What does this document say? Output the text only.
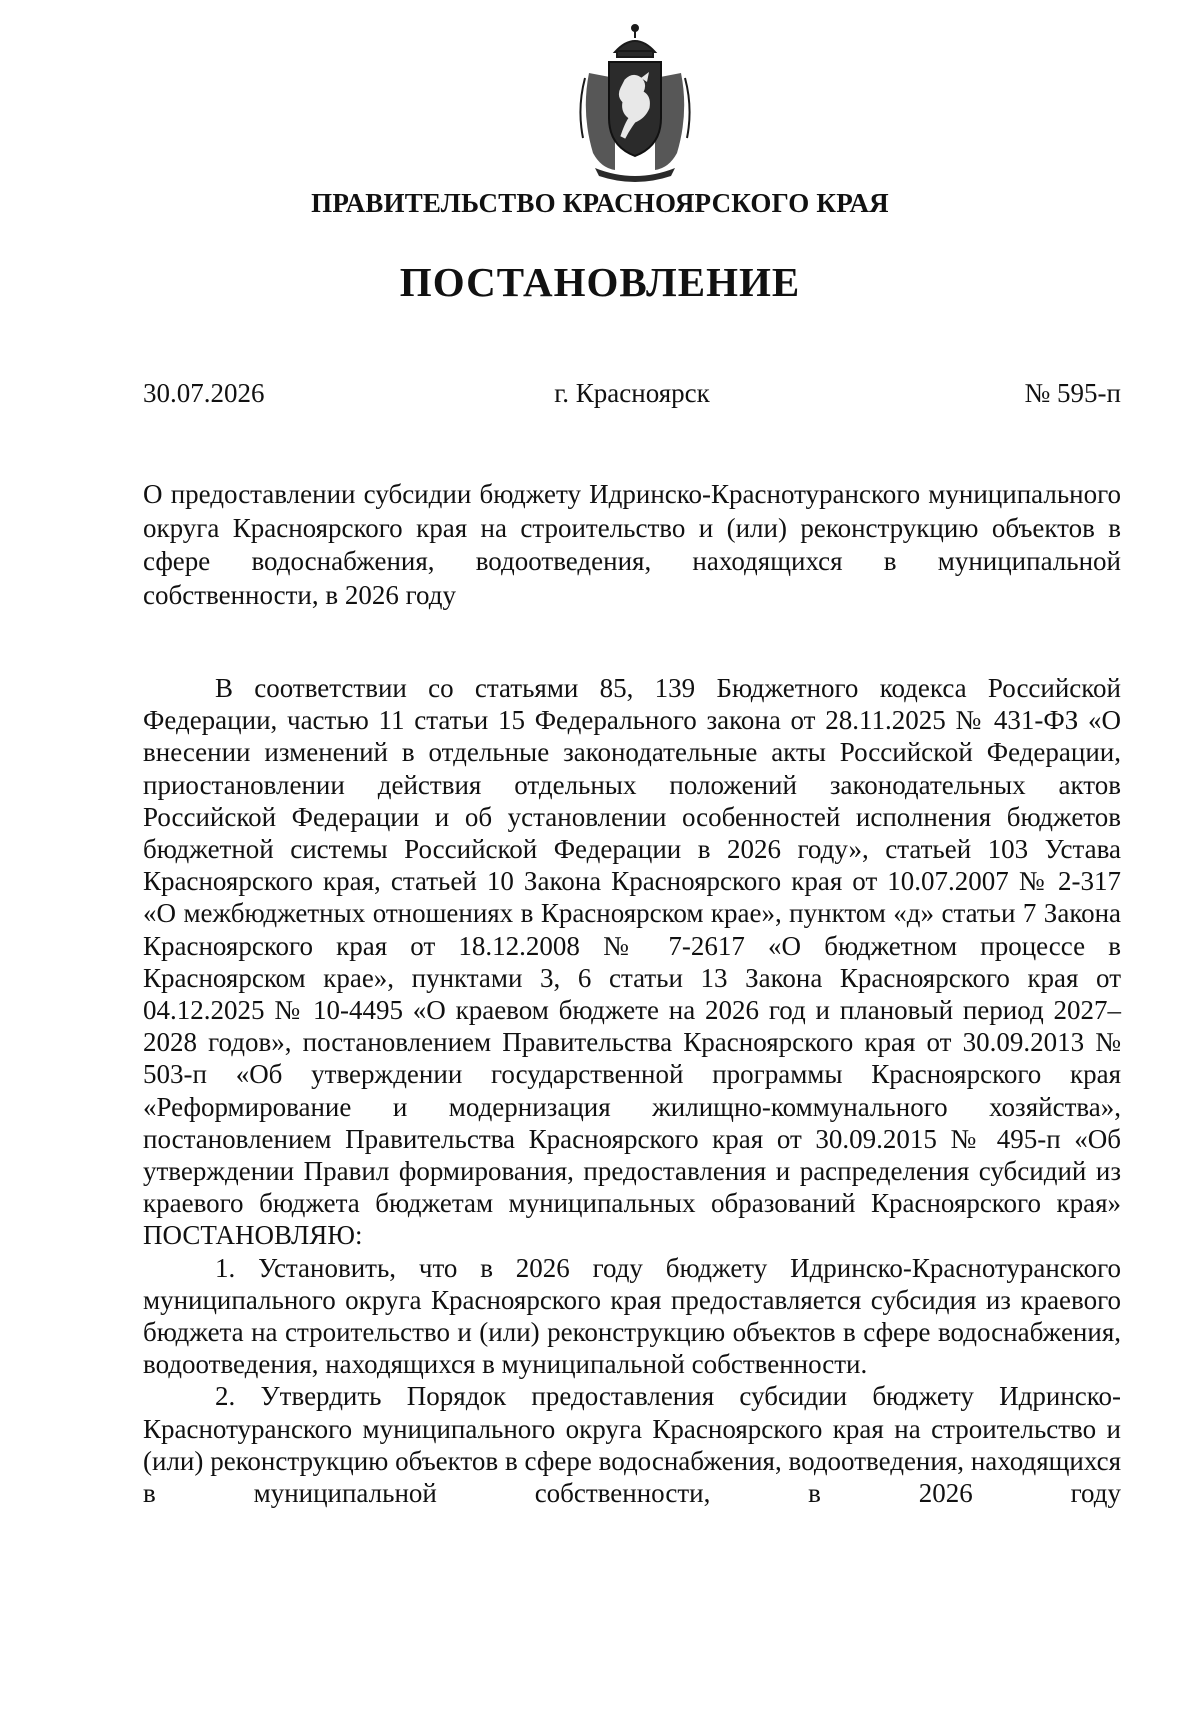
ПРАВИТЕЛЬСТВО КРАСНОЯРСКОГО КРАЯ
ПОСТАНОВЛЕНИЕ
г. Красноярск
30.07.2026	№ 595-п

О предоставлении субсидии бюджету Идринско-Краснотуранского муниципального округа Красноярского края на строительство и (или) реконструкцию объектов в сфере водоснабжения, водоотведения, находящихся в муниципальной собственности, в 2026 году

В соответствии со статьями 85, 139 Бюджетного кодекса Российской Федерации, частью 11 статьи 15 Федерального закона от 28.11.2025 № 431-ФЗ «О внесении изменений в отдельные законодательные акты Российской Федерации, приостановлении действия отдельных положений законодательных актов Российской Федерации и об установлении особенностей исполнения бюджетов бюджетной системы Российской Федерации в 2026 году», статьей 103 Устава Красноярского края, статьей 10 Закона Красноярского края от 10.07.2007 № 2-317 «О межбюджетных отношениях в Красноярском крае», пунктом «д» статьи 7 Закона Красноярского края от 18.12.2008 № 7-2617 «О бюджетном процессе в Красноярском крае», пунктами 3, 6 статьи 13 Закона Красноярского края от 04.12.2025 № 10-4495 «О краевом бюджете на 2026 год и плановый период 2027–2028 годов», постановлением Правительства Красноярского края от 30.09.2013 № 503-п «Об утверждении государственной программы Красноярского края «Реформирование и модернизация жилищно-коммунального хозяйства», постановлением Правительства Красноярского края от 30.09.2015 № 495-п «Об утверждении Правил формирования, предоставления и распределения субсидий из краевого бюджета бюджетам муниципальных образований Красноярского края» ПОСТАНОВЛЯЮ:

1. Установить, что в 2026 году бюджету Идринско-Краснотуранского муниципального округа Красноярского края предоставляется субсидия из краевого бюджета на строительство и (или) реконструкцию объектов в сфере водоснабжения, водоотведения, находящихся в муниципальной собственности.

2. Утвердить Порядок предоставления субсидии бюджету Идринско-Краснотуранского муниципального округа Красноярского края на строительство и (или) реконструкцию объектов в сфере водоснабжения, водоотведения, находящихся в муниципальной собственности, в 2026 году
